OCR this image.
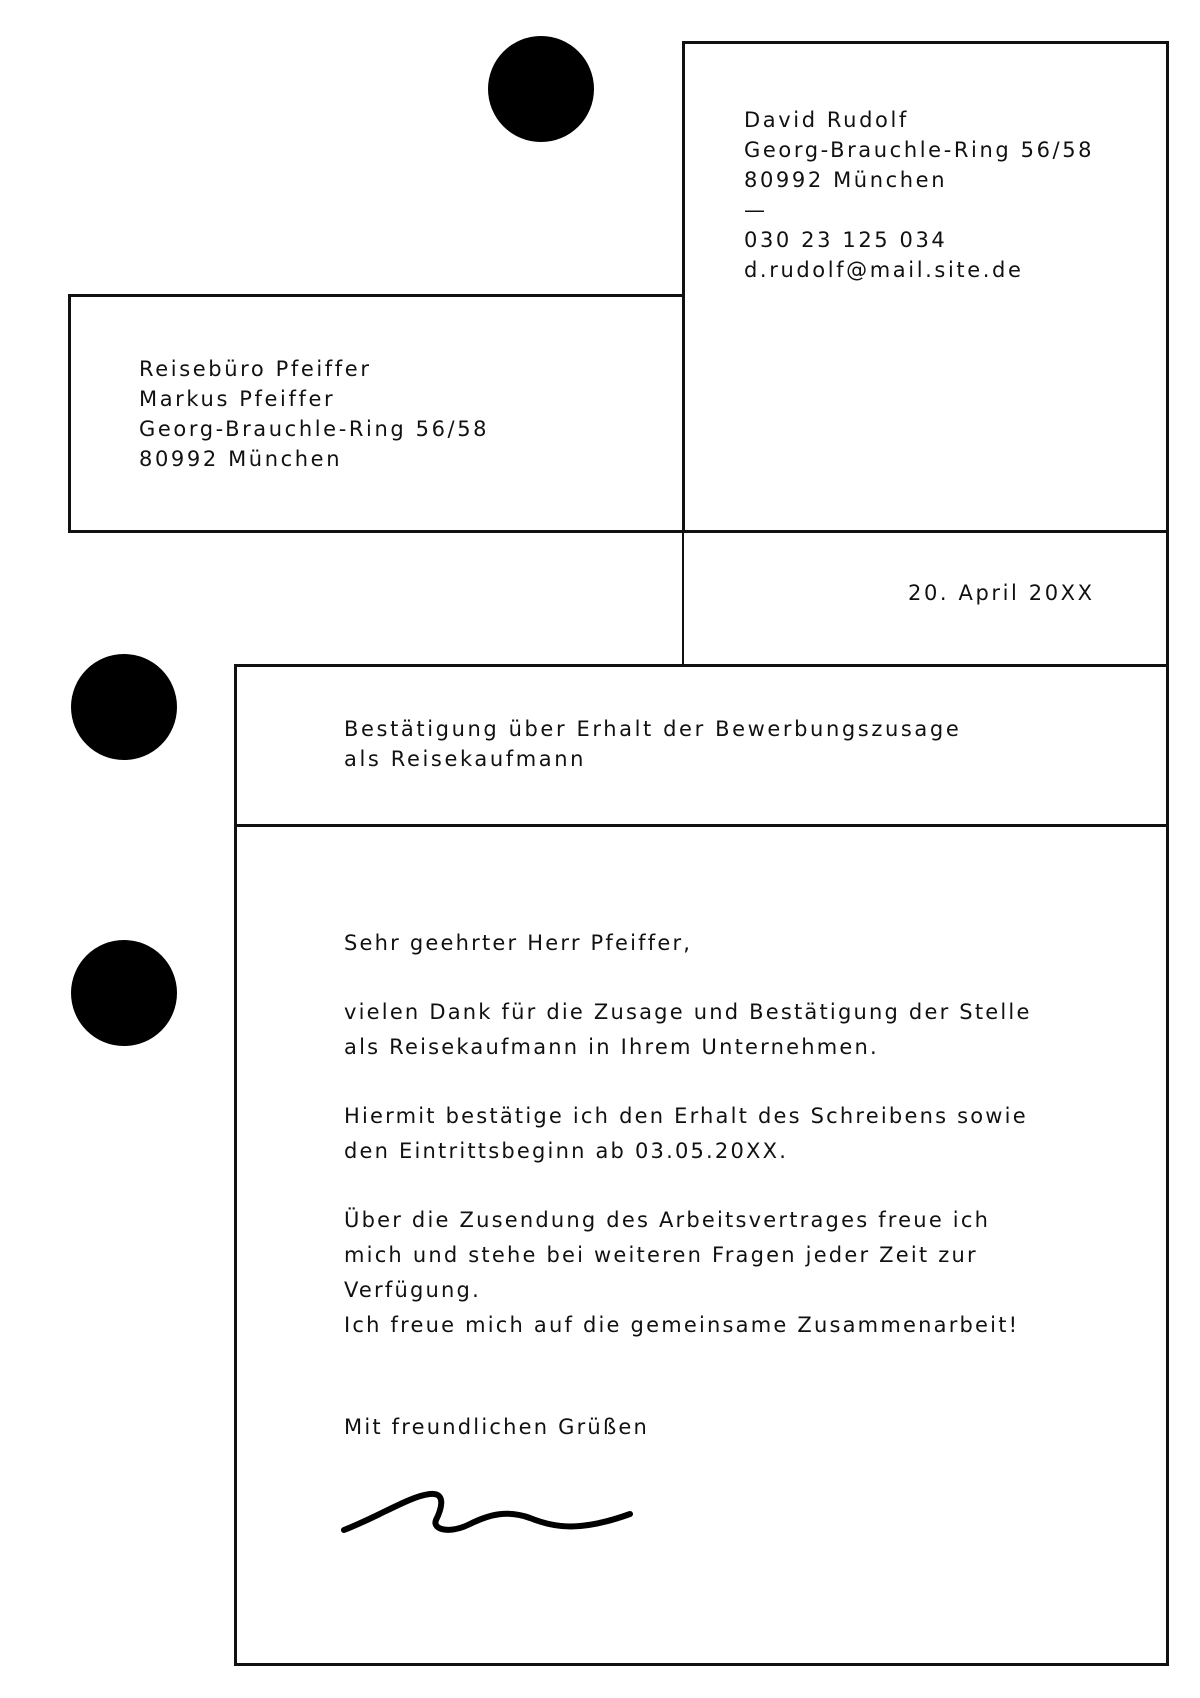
David Rudolf
Georg-Brauchle-Ring 56/58
80992 München
—
030 23 125 034
d.rudolf@mail.site.de
Reisebüro Pfeiffer
Markus Pfeiffer
Georg-Brauchle-Ring 56/58
80992 München
20. April 20XX
Bestätigung über Erhalt der Bewerbungszusage
als Reisekaufmann

Sehr geehrter Herr Pfeiffer,

vielen Dank für die Zusage und Bestätigung der Stelle

als Reisekaufmann in Ihrem Unternehmen.

Hiermit bestätige ich den Erhalt des Schreibens sowie

den Eintrittsbeginn ab 03.05.20XX.

Über die Zusendung des Arbeitsvertrages freue ich

mich und stehe bei weiteren Fragen jeder Zeit zur

Verfügung.

Ich freue mich auf die gemeinsame Zusammenarbeit!

Mit freundlichen Grüßen
